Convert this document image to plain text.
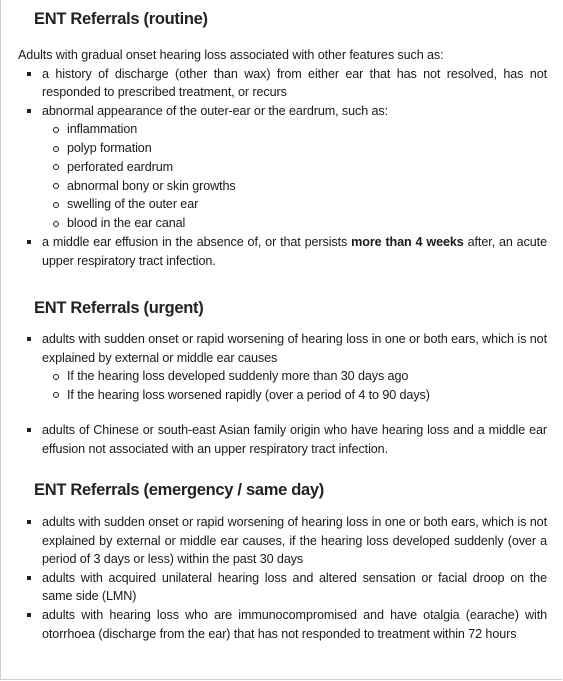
ENT Referrals (routine)

Adults with gradual onset hearing loss associated with other features such as:

a history of discharge (other than wax) from either ear that has not resolved, has not responded to prescribed treatment, or recurs
abnormal appearance of the outer-ear or the eardrum, such as:
inflammation
polyp formation
perforated eardrum
abnormal bony or skin growths
swelling of the outer ear
blood in the ear canal
a middle ear effusion in the absence of, or that persists more than 4 weeks after, an acute upper respiratory tract infection.
ENT Referrals (urgent)
adults with sudden onset or rapid worsening of hearing loss in one or both ears, which is not explained by external or middle ear causes
If the hearing loss developed suddenly more than 30 days ago
If the hearing loss worsened rapidly (over a period of 4 to 90 days)
adults of Chinese or south-east Asian family origin who have hearing loss and a middle ear effusion not associated with an upper respiratory tract infection.
ENT Referrals (emergency / same day)
adults with sudden onset or rapid worsening of hearing loss in one or both ears, which is not explained by external or middle ear causes, if the hearing loss developed suddenly (over a period of 3 days or less) within the past 30 days
adults with acquired unilateral hearing loss and altered sensation or facial droop on the same side (LMN)
adults with hearing loss who are immunocompromised and have otalgia (earache) with otorrhoea (discharge from the ear) that has not responded to treatment within 72 hours
